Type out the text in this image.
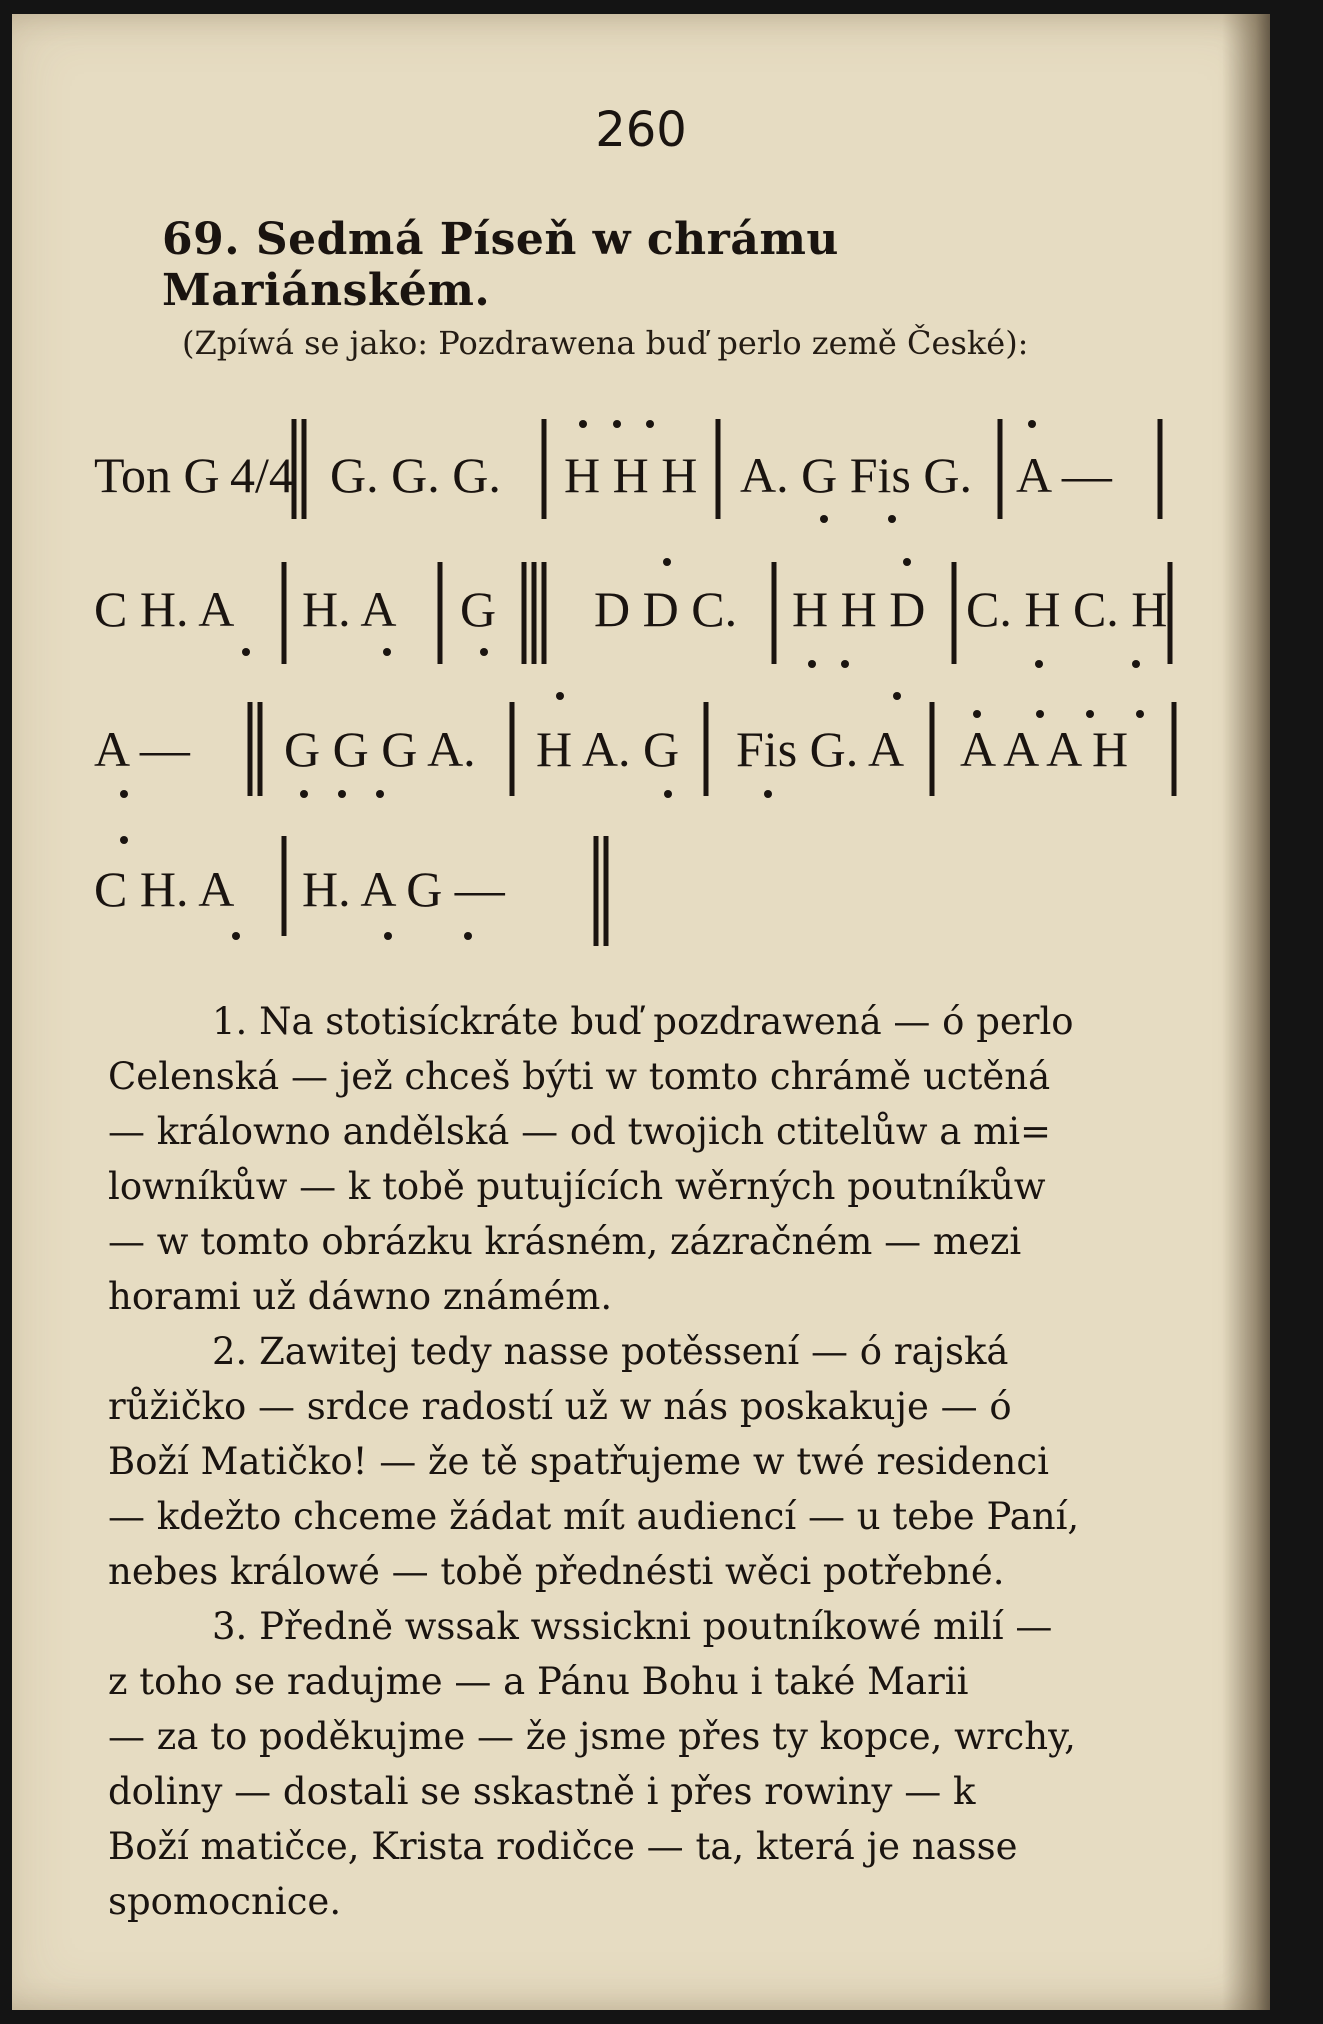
260
69. Sedmá Píseň w chrámu Mariánském.
(Zpíwá se jako: Pozdrawena buď perlo země České):
Ton G 4/4 G. G. G. H H H A. G Fis G. A —
C H. A H. A G D D C. H H D C. H C. H
A — G G G A. H A. G Fis G. A A A A H
C H. A H. A G —

1. Na stotisíckráte buď pozdrawená — ó perlo

Celenská — jež chceš býti w tomto chrámě uctěná

— králowno andělská — od twojich ctitelůw a mi=

lowníkůw — k tobě putujících wěrných poutníkůw

— w tomto obrázku krásném, zázračném — mezi

horami už dáwno známém.

2. Zawitej tedy nasse potěssení — ó rajská

růžičko — srdce radostí už w nás poskakuje — ó

Boží Matičko! — že tě spatřujeme w twé residenci

— kdežto chceme žádat mít audiencí — u tebe Paní,

nebes králowé — tobě přednésti wěci potřebné.

3. Předně wssak wssickni poutníkowé milí —

z toho se radujme — a Pánu Bohu i také Marii

— za to poděkujme — že jsme přes ty kopce, wrchy,

doliny — dostali se sskastně i přes rowiny — k

Boží matičce, Krista rodičce — ta, která je nasse

spomocnice.
